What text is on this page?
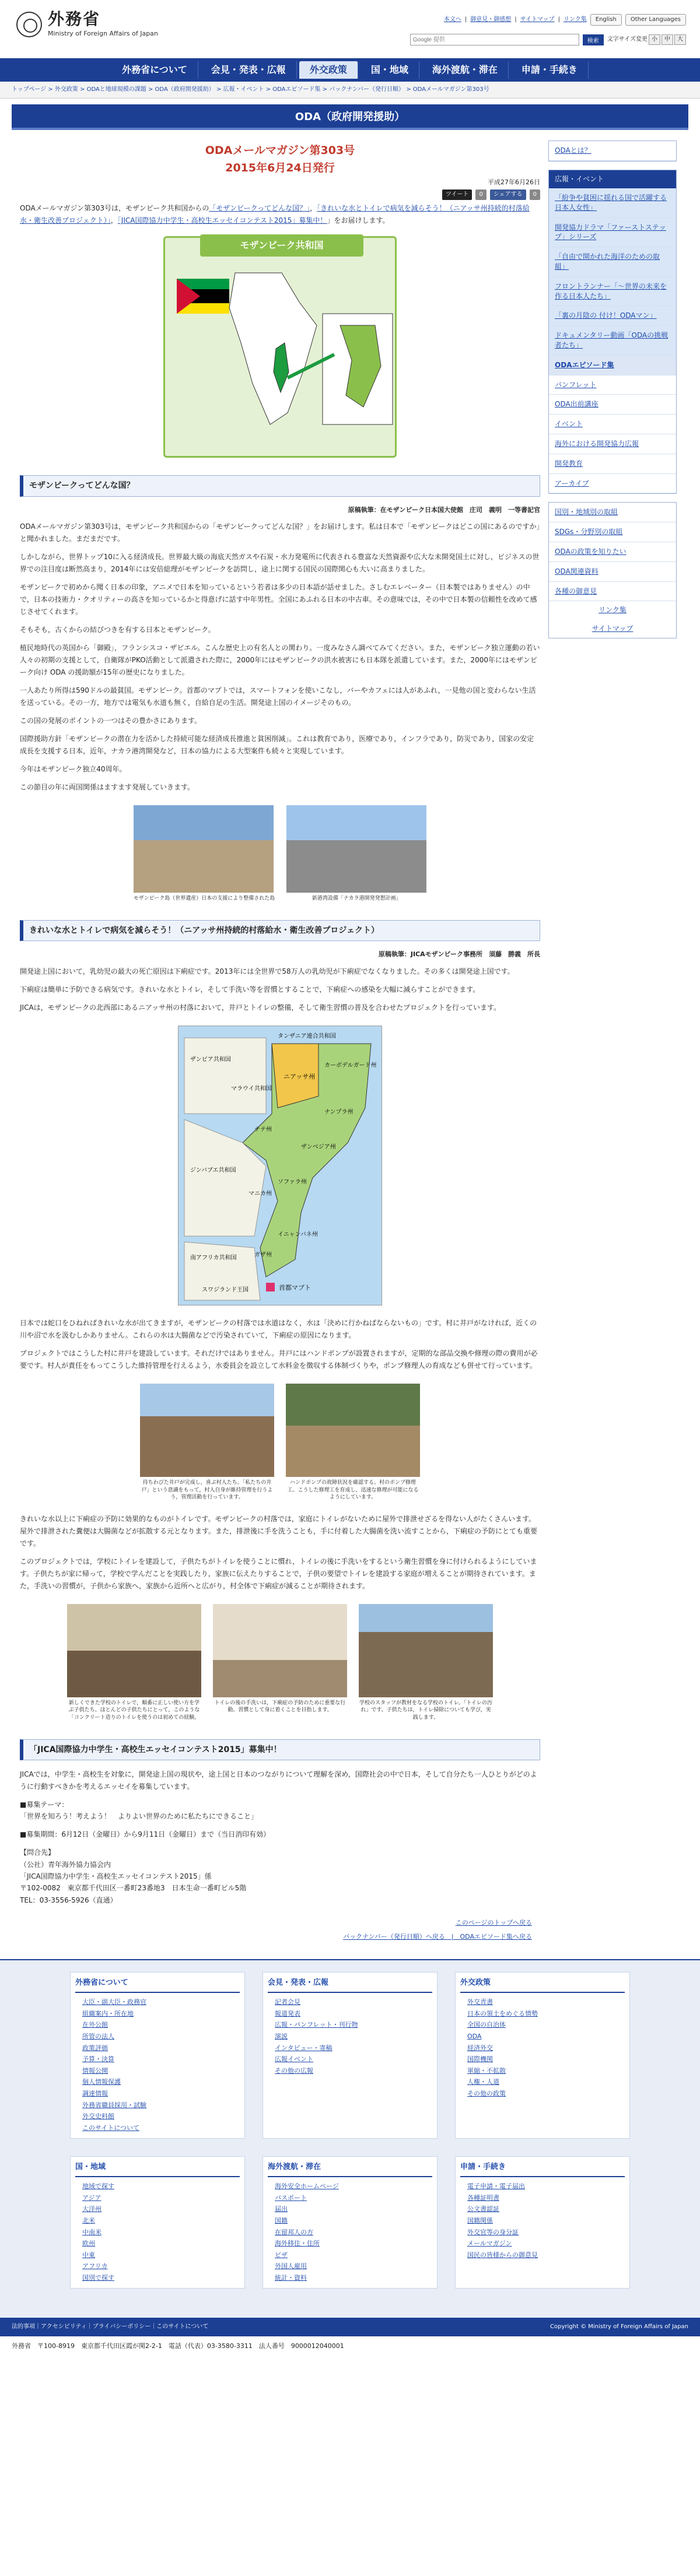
外務省
Ministry of Foreign Affairs of Japan
本文へ | 御意見・御感想 | サイトマップ | リンク集	English	Other Languages
Google 提供
検索	文字サイズ変更 小	中	大
外務省について	会見・発表・広報	外交政策	国・地域	海外渡航・滞在	申請・手続き
トップページ > 外交政策 > ODAと地球規模の課題 > ODA（政府開発援助） > 広報・イベント > ODAエピソード集 > バックナンバー（発行日順） > ODAメールマガジン第303号
ODA（政府開発援助）
ODAメールマガジン第303号
2015年6月24日発行
平成27年6月26日
ツイート	0	シェアする	0

ODAメールマガジン第303号は，モザンビーク共和国からの「モザンビークってどんな国？」，「きれいな水とトイレで病気を減らそう！（ニアッサ州持続的村落給水・衛生改善プロジェクト）」，「JICA国際協力中学生・高校生エッセイコンテスト2015」募集中！」をお届けします。

モザンビーク共和国
モザンビークってどんな国？
原稿執筆：在モザンビーク日本国大使館　庄司　義明　一等書記官

ODAメールマガジン第303号は，モザンビーク共和国からの「モザンビークってどんな国？」をお届けします。私は日本で「モザンビークはどこの国にあるのですか」と聞かれました。まだまだです。

しかしながら，世界トップ10に入る経済成長。世界最大級の海底天然ガスや石炭・水力発電所に代表される豊富な天然資源や広大な未開発国土に対し，ビジネスの世界での注目度は断然高まり，2014年には安倍総理がモザンビークを訪問し，途上に関する国民の国際関心も大いに高まりました。

モザンビークで初めから聞く日本の印象，アニメで日本を知っているという若者は多少の日本語が話せました。さしむエレベーター（日本製ではありません）の中で，日本の技術力・クオリティーの高さを知っているかと得意げに話す中年男性。全国にあふれる日本の中古車。その意味では，その中で日本製の信頼性を改めて感じさせてくれます。

そもそも，古くからの結びつきを有する日本とモザンビーク。

植民地時代の英国から「御殿」，フランシスコ・ザビエル。こんな歴史上の有名人との関わり。一度みなさん調べてみてください。また，モザンビーク独立運動の若い人々の初期の支援として，自衛隊がPKO活動として派遣された際に，2000年にはモザンビークの洪水被害にも日本隊を派遣しています。また，2000年にはモザンビーク向け ODA の援助額が15年の歴史になりました。

一人あたり所得は590ドルの最貧国。モザンビーク。首都のマプトでは，スマートフォンを使いこなし，バーやカフェには人があふれ，一見他の国と変わらない生活を送っている。その一方，地方では電気も水道も無く，自給自足の生活。開発途上国のイメージそのもの。

この国の発展のポイントの一つはその豊かさにあります。

国際援助方針「モザンビークの潜在力を活かした持続可能な経済成長推進と貧困削減」。これは教育であり，医療であり，インフラであり，防災であり，国家の安定成長を支援する日本，近年，ナカラ港湾開発など，日本の協力による大型案件も続々と実現しています。

今年はモザンビーク独立40周年。

この節目の年に両国関係はますます発展していきます。

モザンビーク島（世界遺産）日本の支援により整備された島	新港湾設備「ナカラ港開発発想計画」
きれいな水とトイレで病気を減らそう！（ニアッサ州持続的村落給水・衛生改善プロジェクト）
原稿執筆：JICAモザンビーク事務所　須藤　勝義　所長

開発途上国において，乳幼児の最大の死亡原因は下痢症です。2013年には全世界で58万人の乳幼児が下痢症でなくなりました。その多くは開発途上国です。

下痢症は簡単に予防できる病気です。きれいな水とトイレ，そして手洗い等を習慣とすることで，下痢症への感染を大幅に減らすことができます。

JICAは，モザンビークの北西部にあるニアッサ州の村落において，井戸とトイレの整備，そして衛生習慣の普及を合わせたプロジェクトを行っています。

ニアッサ州
カーボデルガード州
ナンプラ州
ザンベジア州
テテ州
ザンビア共和国
マラウイ共和国
タンザニア連合共和国
ジンバブエ共和国
ソファラ州
マニカ州
イニャンバネ州
ガザ州
南アフリカ共和国
スワジランド王国	首都マプト

日本では蛇口をひねればきれいな水が出てきますが，モザンビークの村落では水道はなく，水は「決めに行かねばならないもの」です。村に井戸がなければ，近くの川や沼で水を汲むしかありません。これらの水は大腸菌などで汚染されていて，下痢症の原因になります。

プロジェクトではこうした村に井戸を建設しています。それだけではありません。井戸にはハンドポンプが設置されますが，定期的な部品交換や修理の際の費用が必要です。村人が責任をもってこうした維持管理を行えるよう，水委員会を設立して水料金を徴収する体制づくりや，ポンプ修理人の育成なども併せて行っています。

待ちわびた井戸が完成し，喜ぶ村人たち。「私たちの井戸」という意識をもって，村人自身が維持管理を行うよう，管理活動を行っています。
ハンドポンプの故障状況を確認する。村のポンプ修理工。こうした修理工を育成し，迅速な修理が可能になるようにしています。

きれいな水以上に下痢症の予防に効果的なものがトイレです。モザンビークの村落では，家庭にトイレがないために屋外で排泄せざるを得ない人がたくさんいます。屋外で排泄された糞便は大腸菌などが拡散する元となります。また，排泄後に手を洗うことも，手に付着した大腸菌を洗い流すことから，下痢症の予防にとても重要です。

このプロジェクトでは，学校にトイレを建設して，子供たちがトイレを使うことに慣れ，トイレの後に手洗いをするという衛生習慣を身に付けられるようにしています。子供たちが家に帰って，学校で学んだことを実践したり，家族に伝えたりすることで，子供の要望でトイレを建設する家庭が増えることが期待されています。また，手洗いの習慣が，子供から家族へ，家族から近所へと広がり，村全体で下痢症が減ることが期待されます。

新しくできた学校のトイレで，順番に正しい使い方を学ぶ子供たち。ほとんどの子供たちにとって，このような「コンクリート造りのトイレを使うのは初めての経験。
トイレの後の手洗いは，下痢症の予防のために重要な行動。習慣として身に着くことを目指します。
学校のスタッフが教材をなる学校のトイレ。「トイレの汚れ」です。子供たちは，トイレ掃除についても学び，実践します。
「JICA国際協力中学生・高校生エッセイコンテスト2015」募集中！

JICAでは，中学生・高校生を対象に，開発途上国の現状や，途上国と日本のつながりについて理解を深め，国際社会の中で日本，そして自分たち一人ひとりがどのように行動すべきかを考えるエッセイを募集しています。

■募集テーマ：

「世界を知ろう！考えよう！　よりよい世界のために私たちにできること」

■募集期間：6月12日（金曜日）から9月11日（金曜日）まで（当日消印有効）

【問合先】
（公社）青年海外協力協会内
「JICA国際協力中学生・高校生エッセイコンテスト2015」係
〒102-0082　東京都千代田区一番町23番地3　日本生命一番町ビル5階
TEL：03-3556-5926（直通）
このページのトップへ戻る
バックナンバー（発行日順）へ戻る　|　ODAエピソード集へ戻る
ODAとは？
広報・イベント
「紛争や貧困に揺れる国で活躍する日本人女性」
開発協力ドラマ「ファーストステップ」シリーズ
「自由で開かれた海洋のための取組」
フロントランナー「～世界の未来を作る日本人たち」
「裏の月陰の 付け！ODAマン」
ドキュメンタリー動画「ODAの挑戦者たち」
ODAエピソード集
パンフレット
ODA出前講座
イベント
海外における開発協力広報
開発教育
アーカイブ
国別・地域別の取組
SDGs・分野別の取組
ODAの政策を知りたい
ODA関連資料
各種の御意見
リンク集
サイトマップ
外務省について
大臣・副大臣・政務官
組織案内・所在地
在外公館
所管の法人
政策評価
予算・決算
情報公開
個人情報保護
調達情報
外務省職員採用・試験
外交史料館
このサイトについて
会見・発表・広報
記者会見
報道発表
広報・パンフレット・刊行物
演説
インタビュー・寄稿
広報イベント
その他の広報
外交政策
外交青書
日本の領土をめぐる情勢
全国の自治体
ODA
経済外交
国際機関
軍縮・不拡散
人権・人道
その他の政策
国・地域
地域で探す
アジア
大洋州
北米
中南米
欧州
中東
アフリカ
国別で探す
海外渡航・滞在
海外安全ホームページ
パスポート
届出
国籍
在留邦人の方
海外移住・住所
ビザ
外国人雇用
統計・資料
申請・手続き
電子申請・電子届出
各種証明書
公文書認証
国籍関係
外交官等の身分証
メールマガジン
国民の皆様からの御意見
法的事項｜アクセシビリティ｜プライバシーポリシー｜このサイトについて	Copyright © Ministry of Foreign Affairs of Japan
外務省　〒100-8919　東京都千代田区霞が関2-2-1　電話（代表）03-3580-3311　法人番号　9000012040001
